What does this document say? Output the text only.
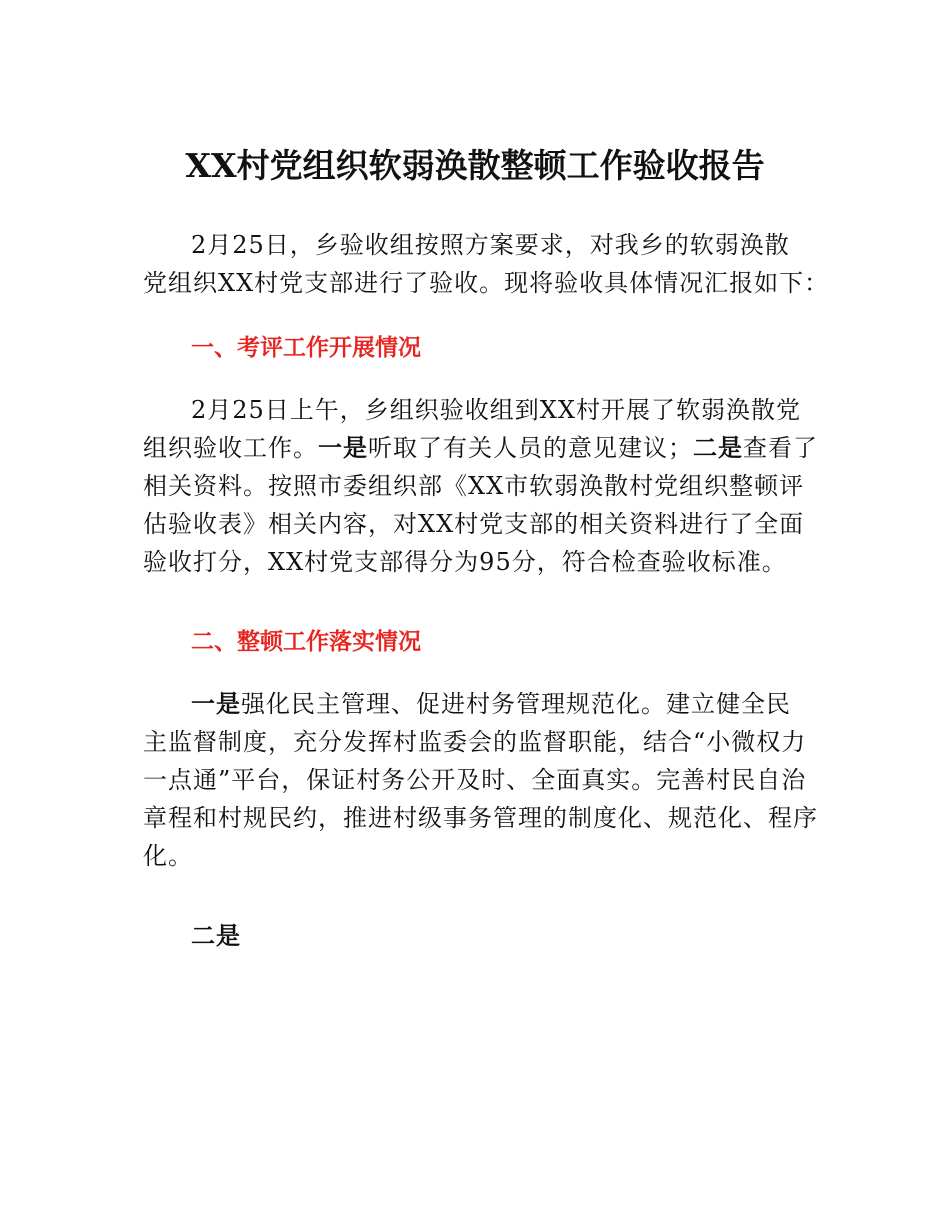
XX村党组织软弱涣散整顿工作验收报告
2月25日，乡验收组按照方案要求，对我乡的软弱涣散
党组织XX村党支部进行了验收。现将验收具体情况汇报如下：
一、考评工作开展情况
2月25日上午，乡组织验收组到XX村开展了软弱涣散党
组织验收工作。一是听取了有关人员的意见建议；二是查看了
相关资料。按照市委组织部《XX市软弱涣散村党组织整顿评
估验收表》相关内容，对XX村党支部的相关资料进行了全面
验收打分，XX村党支部得分为95分，符合检查验收标准。
二、整顿工作落实情况
一是强化民主管理、促进村务管理规范化。建立健全民
主监督制度，充分发挥村监委会的监督职能，结合“小微权力
一点通”平台，保证村务公开及时、全面真实。完善村民自治
章程和村规民约，推进村级事务管理的制度化、规范化、程序
化。
二是
